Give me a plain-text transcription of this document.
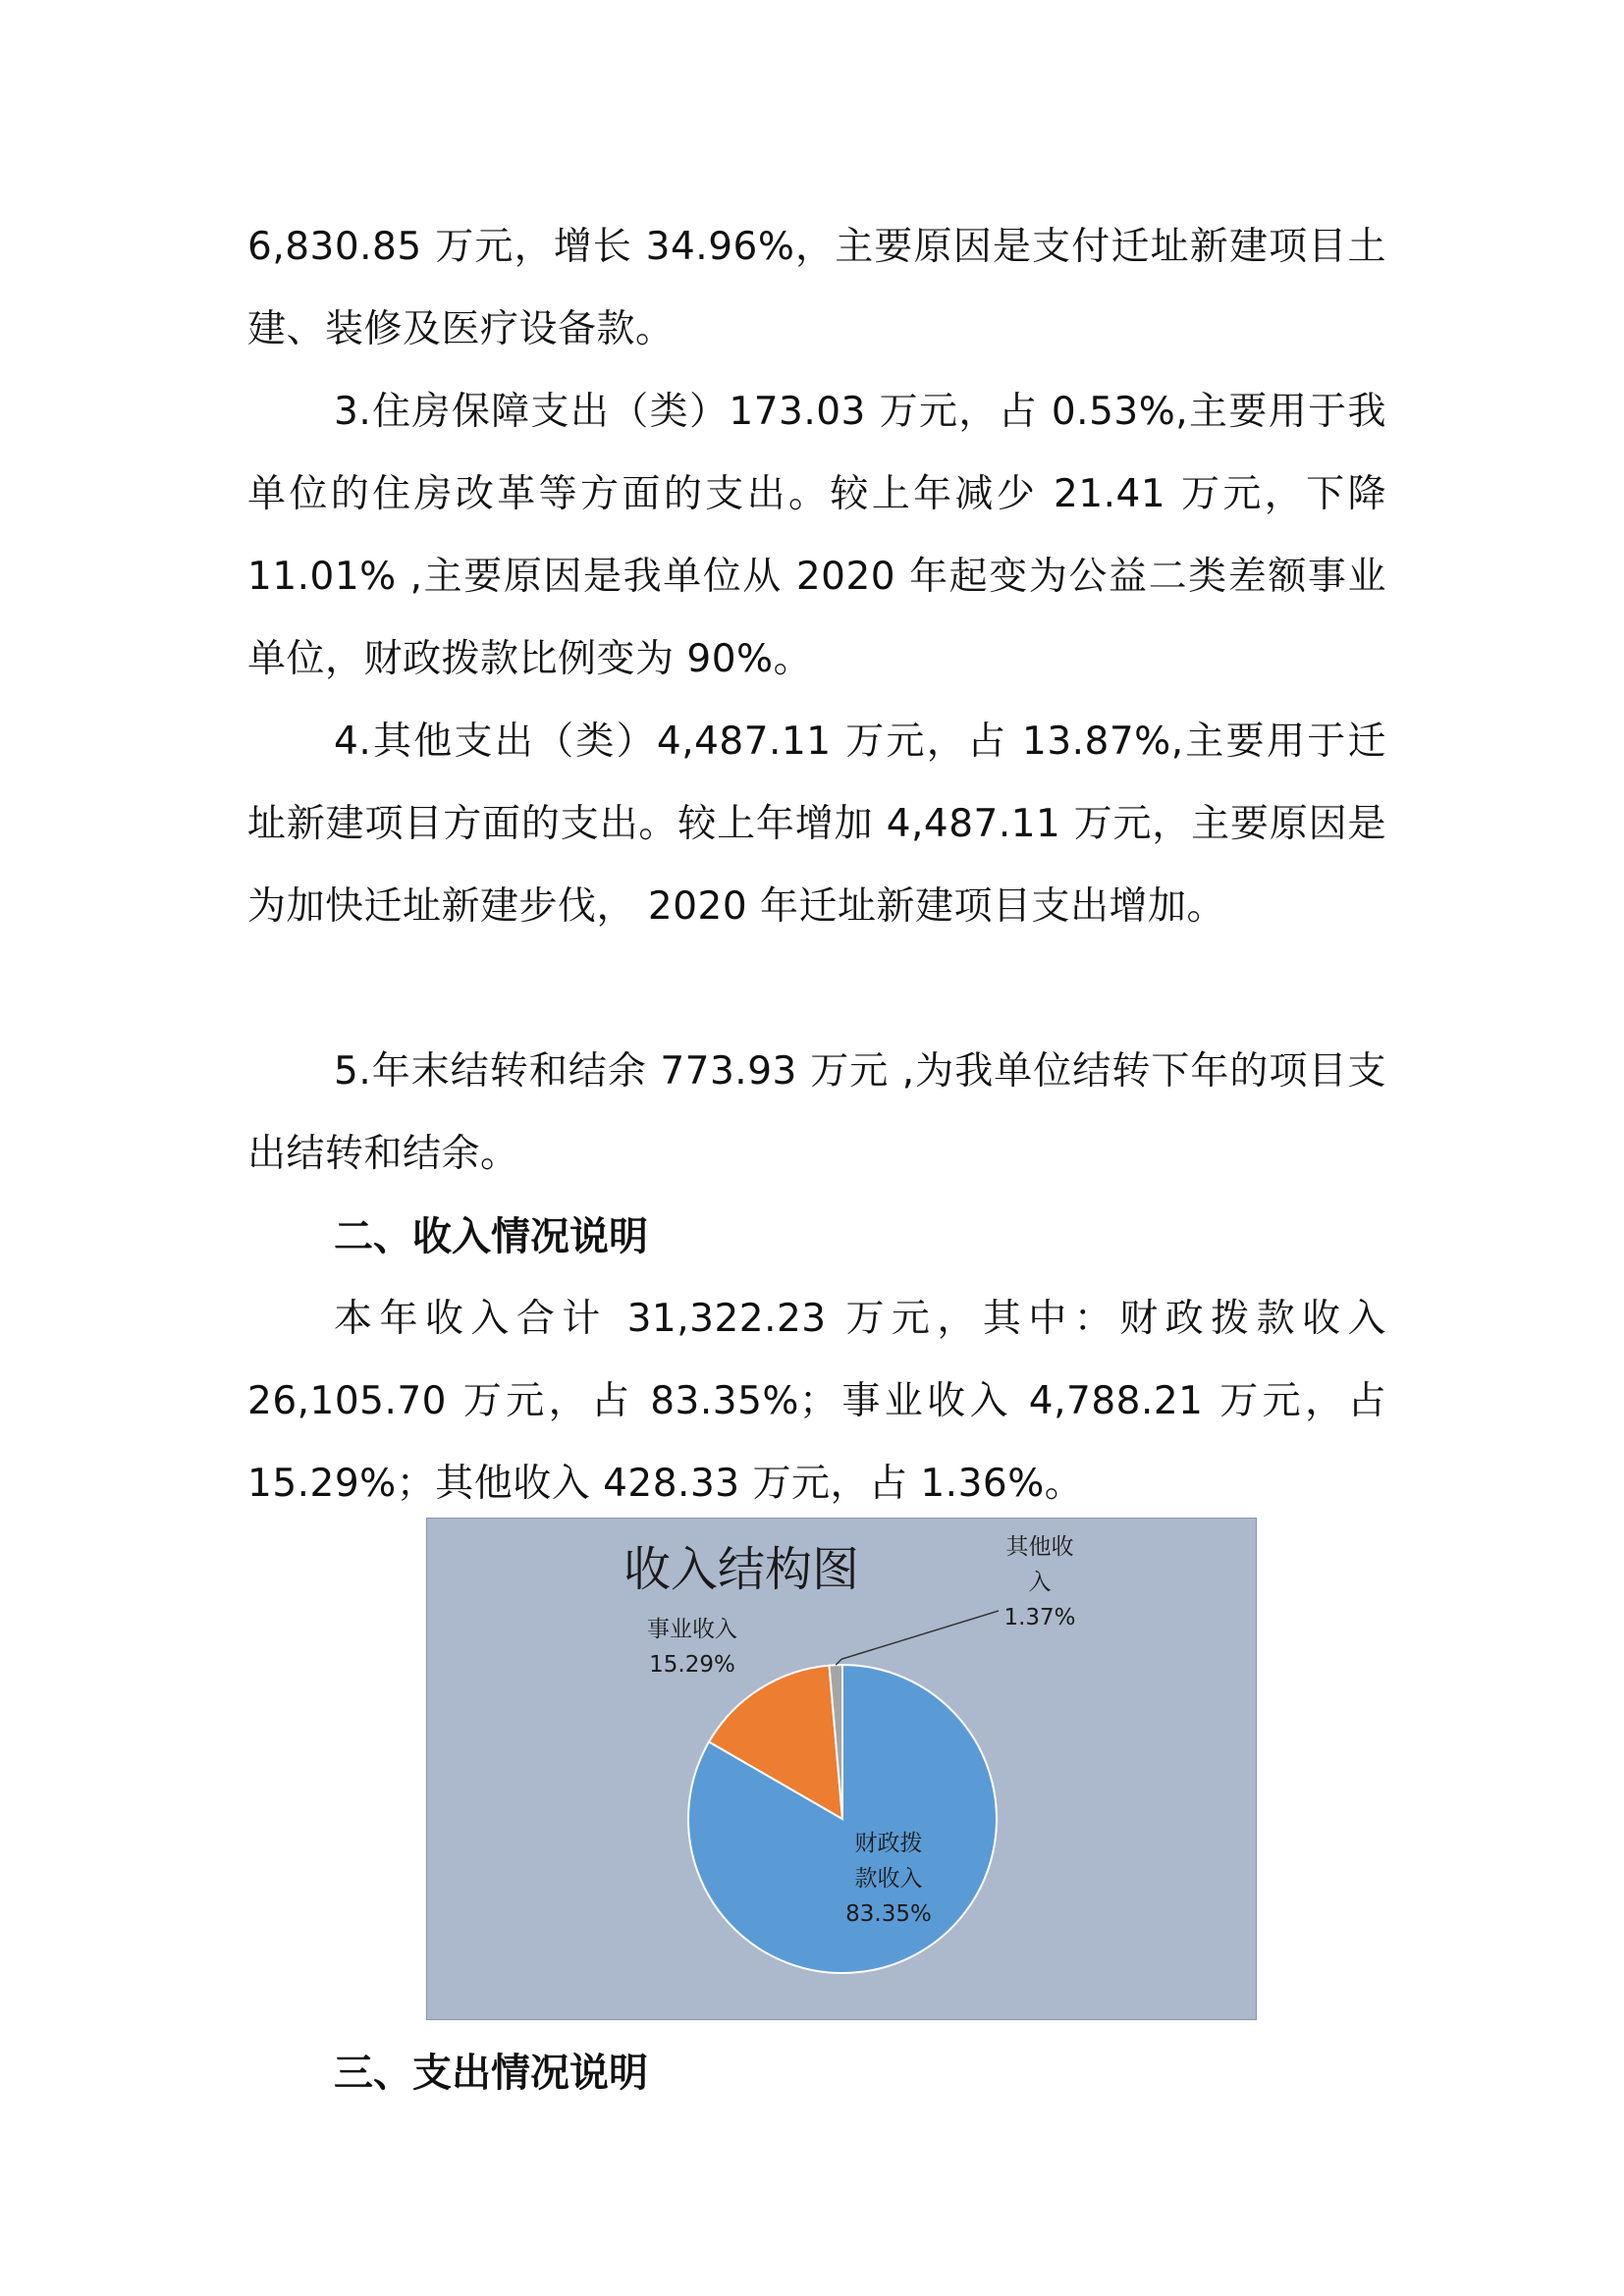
6,830.85 万元，增长 34.96%，主要原因是支付迁址新建项目土建、装修及医疗设备款。

3.住房保障支出（类）173.03 万元，占 0.53%,主要用于我单位的住房改革等方面的支出。较上年减少 21.41 万元，下降 11.01% ,主要原因是我单位从 2020 年起变为公益二类差额事业单位，财政拨款比例变为 90%。

4.其他支出（类）4,487.11 万元，占 13.87%,主要用于迁址新建项目方面的支出。较上年增加 4,487.11 万元，主要原因是为加快迁址新建步伐， 2020 年迁址新建项目支出增加。

5.年末结转和结余 773.93 万元 ,为我单位结转下年的项目支出结转和结余。

二、收入情况说明

本年收入合计 31,322.23 万元，其中：财政拨款收入 26,105.70 万元，占 83.35%；事业收入 4,788.21 万元，占 15.29%；其他收入 428.33 万元，占 1.36%。

收入结构图
财政拨款收入 83.35%
事业收入 15.29%
其他收入 1.37%
三、支出情况说明
